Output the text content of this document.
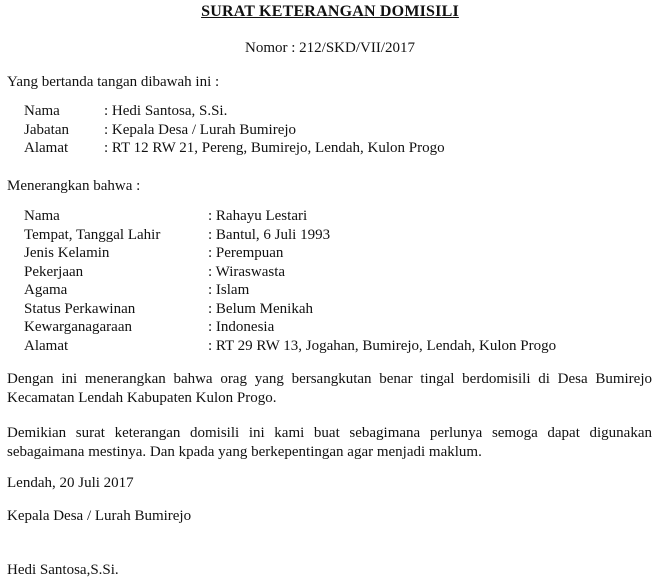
SURAT KETERANGAN DOMISILI
Nomor : 212/SKD/VII/2017
Yang bertanda tangan dibawah ini :
Nama	: Hedi Santosa, S.Si.
Jabatan	: Kepala Desa / Lurah Bumirejo
Alamat	: RT 12 RW 21, Pereng, Bumirejo, Lendah, Kulon Progo
Menerangkan bahwa :
Nama	: Rahayu Lestari
Tempat, Tanggal Lahir	: Bantul, 6 Juli 1993
Jenis Kelamin	: Perempuan
Pekerjaan	: Wiraswasta
Agama	: Islam
Status Perkawinan	: Belum Menikah
Kewarganagaraan	: Indonesia
Alamat	: RT 29 RW 13, Jogahan, Bumirejo, Lendah, Kulon Progo
Dengan ini menerangkan bahwa orag yang bersangkutan benar tingal berdomisili di Desa Bumirejo Kecamatan Lendah Kabupaten Kulon Progo.
Demikian surat keterangan domisili ini kami buat sebagimana perlunya semoga dapat digunakan sebagaimana mestinya. Dan kpada yang berkepentingan agar menjadi maklum.
Lendah, 20 Juli 2017
Kepala Desa / Lurah Bumirejo
Hedi Santosa,S.Si.
